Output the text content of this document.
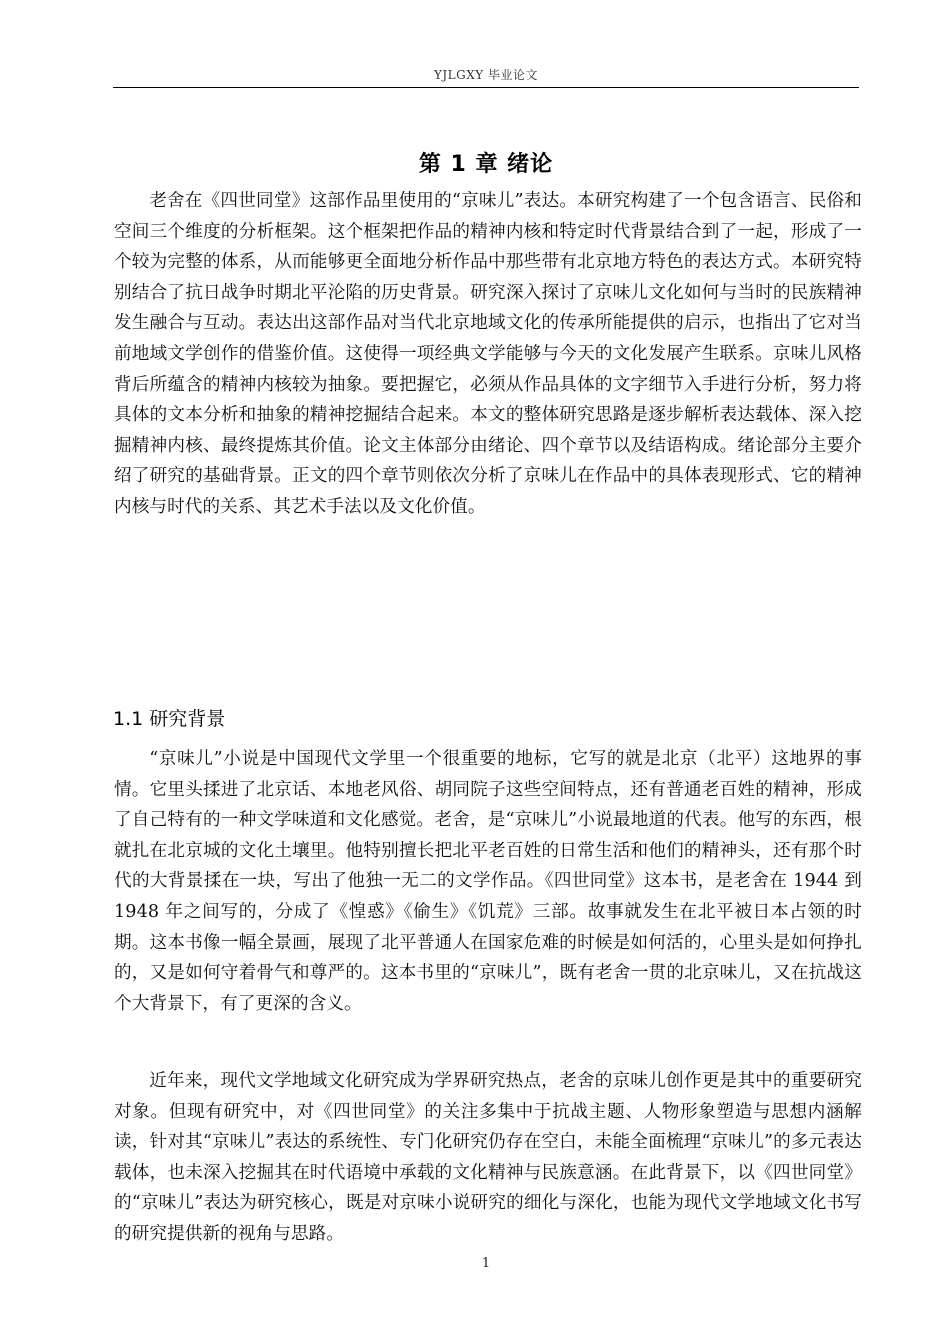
YJLGXY 毕业论文
第 1 章 绪论

老舍在《四世同堂》这部作品里使用的“京味儿”表达。本研究构建了一个包含语言、民俗和空间三个维度的分析框架。这个框架把作品的精神内核和特定时代背景结合到了一起，形成了一个较为完整的体系，从而能够更全面地分析作品中那些带有北京地方特色的表达方式。本研究特别结合了抗日战争时期北平沦陷的历史背景。研究深入探讨了京味儿文化如何与当时的民族精神发生融合与互动。表达出这部作品对当代北京地域文化的传承所能提供的启示，也指出了它对当前地域文学创作的借鉴价值。这使得一项经典文学能够与今天的文化发展产生联系。京味儿风格背后所蕴含的精神内核较为抽象。要把握它，必须从作品具体的文字细节入手进行分析，努力将具体的文本分析和抽象的精神挖掘结合起来。本文的整体研究思路是逐步解析表达载体、深入挖掘精神内核、最终提炼其价值。论文主体部分由绪论、四个章节以及结语构成。绪论部分主要介绍了研究的基础背景。正文的四个章节则依次分析了京味儿在作品中的具体表现形式、它的精神内核与时代的关系、其艺术手法以及文化价值。

1.1 研究背景

“京味儿”小说是中国现代文学里一个很重要的地标，它写的就是北京（北平）这地界的事情。它里头揉进了北京话、本地老风俗、胡同院子这些空间特点，还有普通老百姓的精神，形成了自己特有的一种文学味道和文化感觉。老舍，是“京味儿”小说最地道的代表。他写的东西，根就扎在北京城的文化土壤里。他特别擅长把北平老百姓的日常生活和他们的精神头，还有那个时代的大背景揉在一块，写出了他独一无二的文学作品。《四世同堂》这本书，是老舍在 1944 到 1948 年之间写的，分成了《惶惑》《偷生》《饥荒》三部。故事就发生在北平被日本占领的时期。这本书像一幅全景画，展现了北平普通人在国家危难的时候是如何活的，心里头是如何挣扎的，又是如何守着骨气和尊严的。这本书里的“京味儿”，既有老舍一贯的北京味儿，又在抗战这个大背景下，有了更深的含义。

近年来，现代文学地域文化研究成为学界研究热点，老舍的京味儿创作更是其中的重要研究对象。但现有研究中，对《四世同堂》的关注多集中于抗战主题、人物形象塑造与思想内涵解读，针对其“京味儿”表达的系统性、专门化研究仍存在空白，未能全面梳理“京味儿”的多元表达载体，也未深入挖掘其在时代语境中承载的文化精神与民族意涵。在此背景下，以《四世同堂》的“京味儿”表达为研究核心，既是对京味小说研究的细化与深化，也能为现代文学地域文化书写的研究提供新的视角与思路。

1
